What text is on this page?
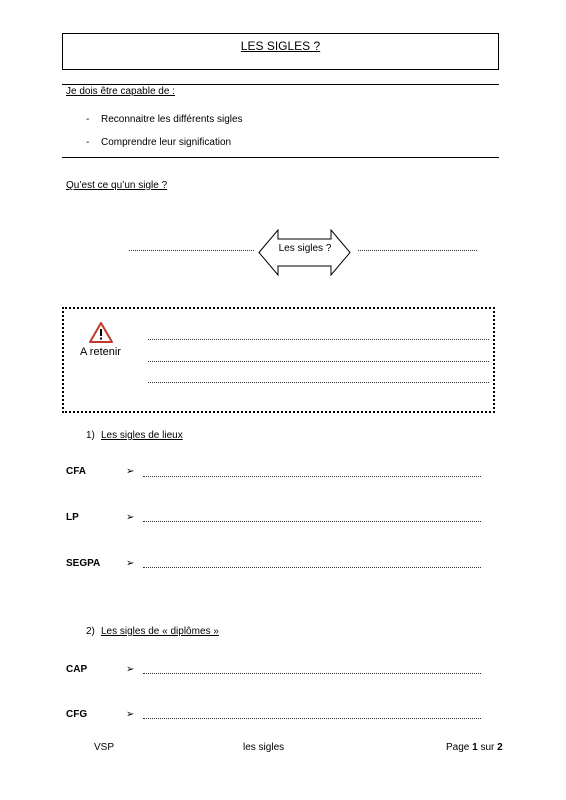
LES SIGLES ?
Je dois être capable de :
- Reconnaitre les différents sigles
- Comprendre leur signification
Qu’est ce qu’un sigle ?
Les sigles ?
A retenir
1) Les sigles de lieux
CFA	➢
LP	➢
SEGPA	➢
2) Les sigles de « diplômes »
CAP	➢
CFG	➢
VSP	les sigles	Page 1 sur 2
